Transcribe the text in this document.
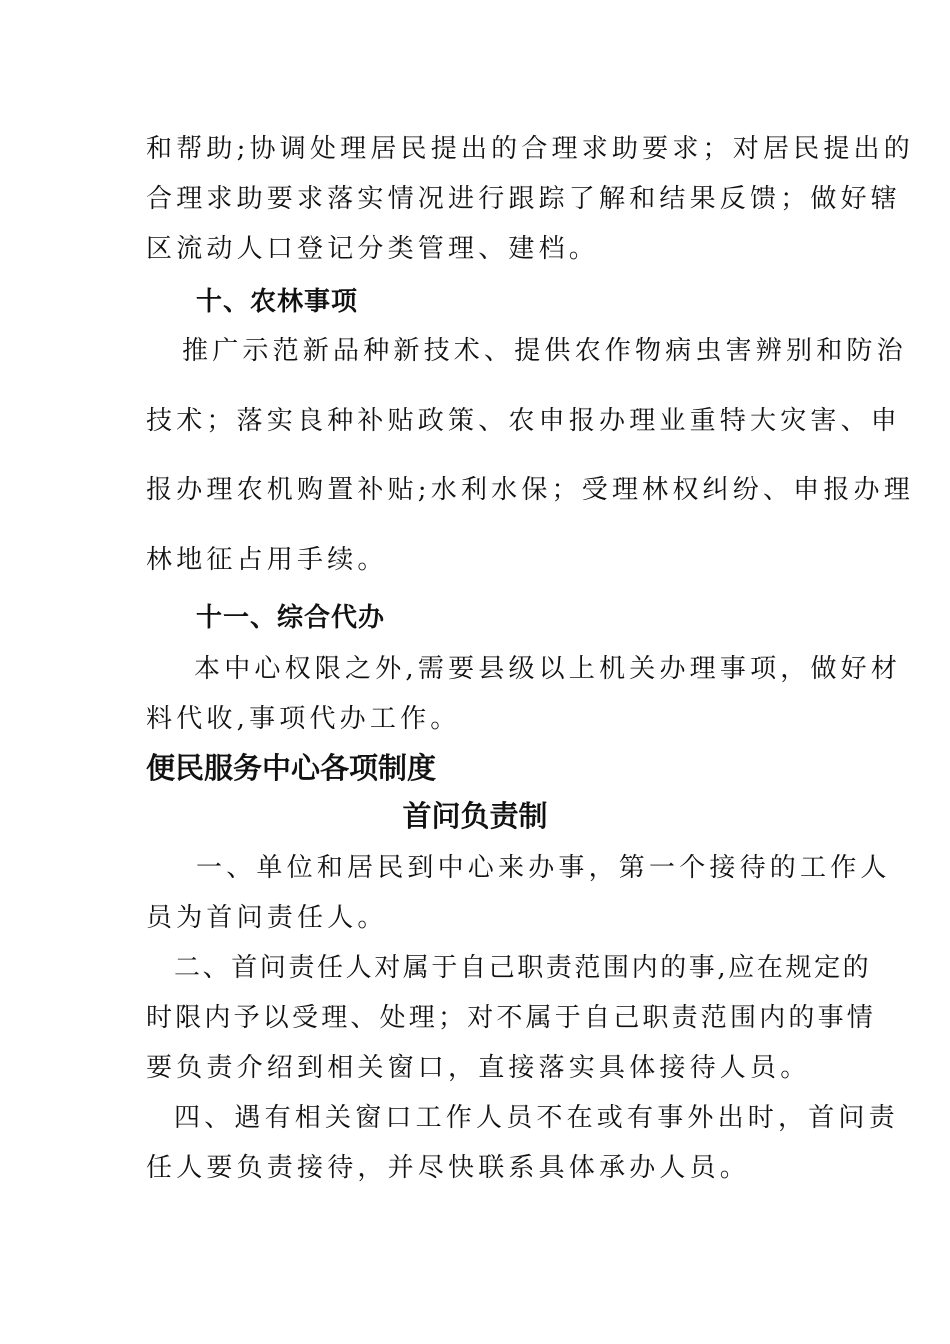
和帮助;协调处理居民提出的合理求助要求；对居民提出的
合理求助要求落实情况进行跟踪了解和结果反馈；做好辖
区流动人口登记分类管理、建档。
十、农林事项
推广示范新品种新技术、提供农作物病虫害辨别和防治
技术；落实良种补贴政策、农申报办理业重特大灾害、申
报办理农机购置补贴;水利水保；受理林权纠纷、申报办理
林地征占用手续。
十一、综合代办
本中心权限之外,需要县级以上机关办理事项，做好材
料代收,事项代办工作。
便民服务中心各项制度
首问负责制
一、单位和居民到中心来办事，第一个接待的工作人
员为首问责任人。
二、首问责任人对属于自己职责范围内的事,应在规定的
时限内予以受理、处理；对不属于自己职责范围内的事情
要负责介绍到相关窗口，直接落实具体接待人员。
四、遇有相关窗口工作人员不在或有事外出时，首问责
任人要负责接待，并尽快联系具体承办人员。
